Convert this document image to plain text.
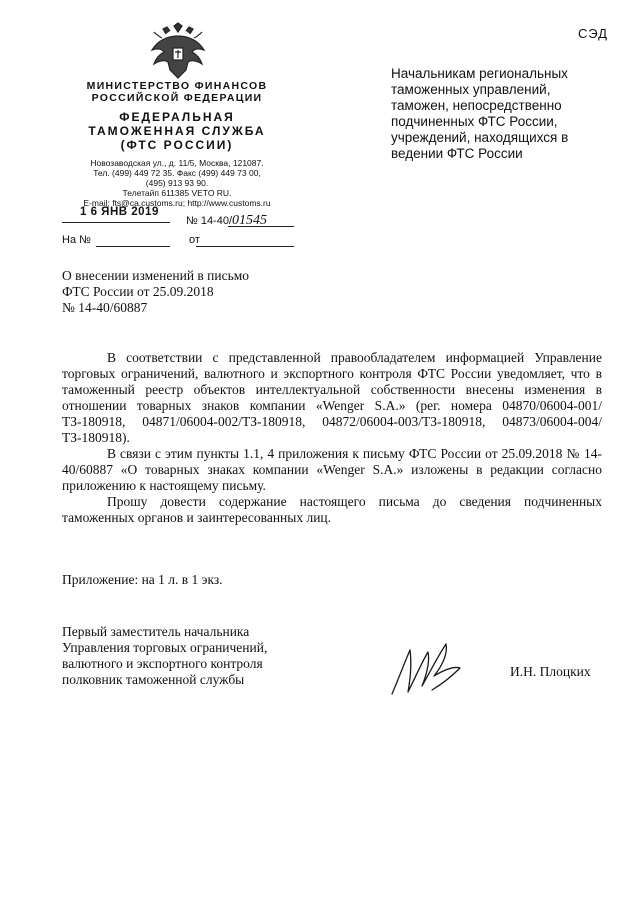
СЭД
МИНИСТЕРСТВО ФИНАНСОВ
РОССИЙСКОЙ ФЕДЕРАЦИИ
ФЕДЕРАЛЬНАЯ
ТАМОЖЕННАЯ СЛУЖБА
(ФТС РОССИИ)
Новозаводская ул., д. 11/5, Москва, 121087.
Тел. (499) 449 72 35. Факс (499) 449 73 00,
(495) 913 93 90.
Телетайп 611385 VETO RU.
E-mail: fts@ca.customs.ru; http://www.customs.ru
Начальникам региональных таможенных управлений, таможен, непосредственно подчиненных ФТС России, учреждений, находящихся в ведении ФТС России
1 6 ЯНВ 2019
№ 14-40/01545
На №	от
О внесении изменений в письмо
ФТС России от 25.09.2018
№ 14-40/60887

В соответствии с представленной правообладателем информацией Управление торговых ограничений, валютного и экспортного контроля ФТС России уведомляет, что в таможенный реестр объектов интеллектуальной собственности внесены изменения в отношении товарных знаков компании «Wenger S.A.» (рег. номера 04870/06004-001/ТЗ-180918, 04871/06004-002/ТЗ-180918, 04872/06004-003/ТЗ-180918, 04873/06004-004/ТЗ-180918).

В связи с этим пункты 1.1, 4 приложения к письму ФТС России от 25.09.2018 № 14-40/60887 «О товарных знаках компании «Wenger S.A.» изложены в редакции согласно приложению к настоящему письму.

Прошу довести содержание настоящего письма до сведения подчиненных таможенных органов и заинтересованных лиц.

Приложение: на 1 л. в 1 экз.
Первый заместитель начальника
Управления торговых ограничений,
валютного и экспортного контроля
полковник таможенной службы
И.Н. Плоцких
